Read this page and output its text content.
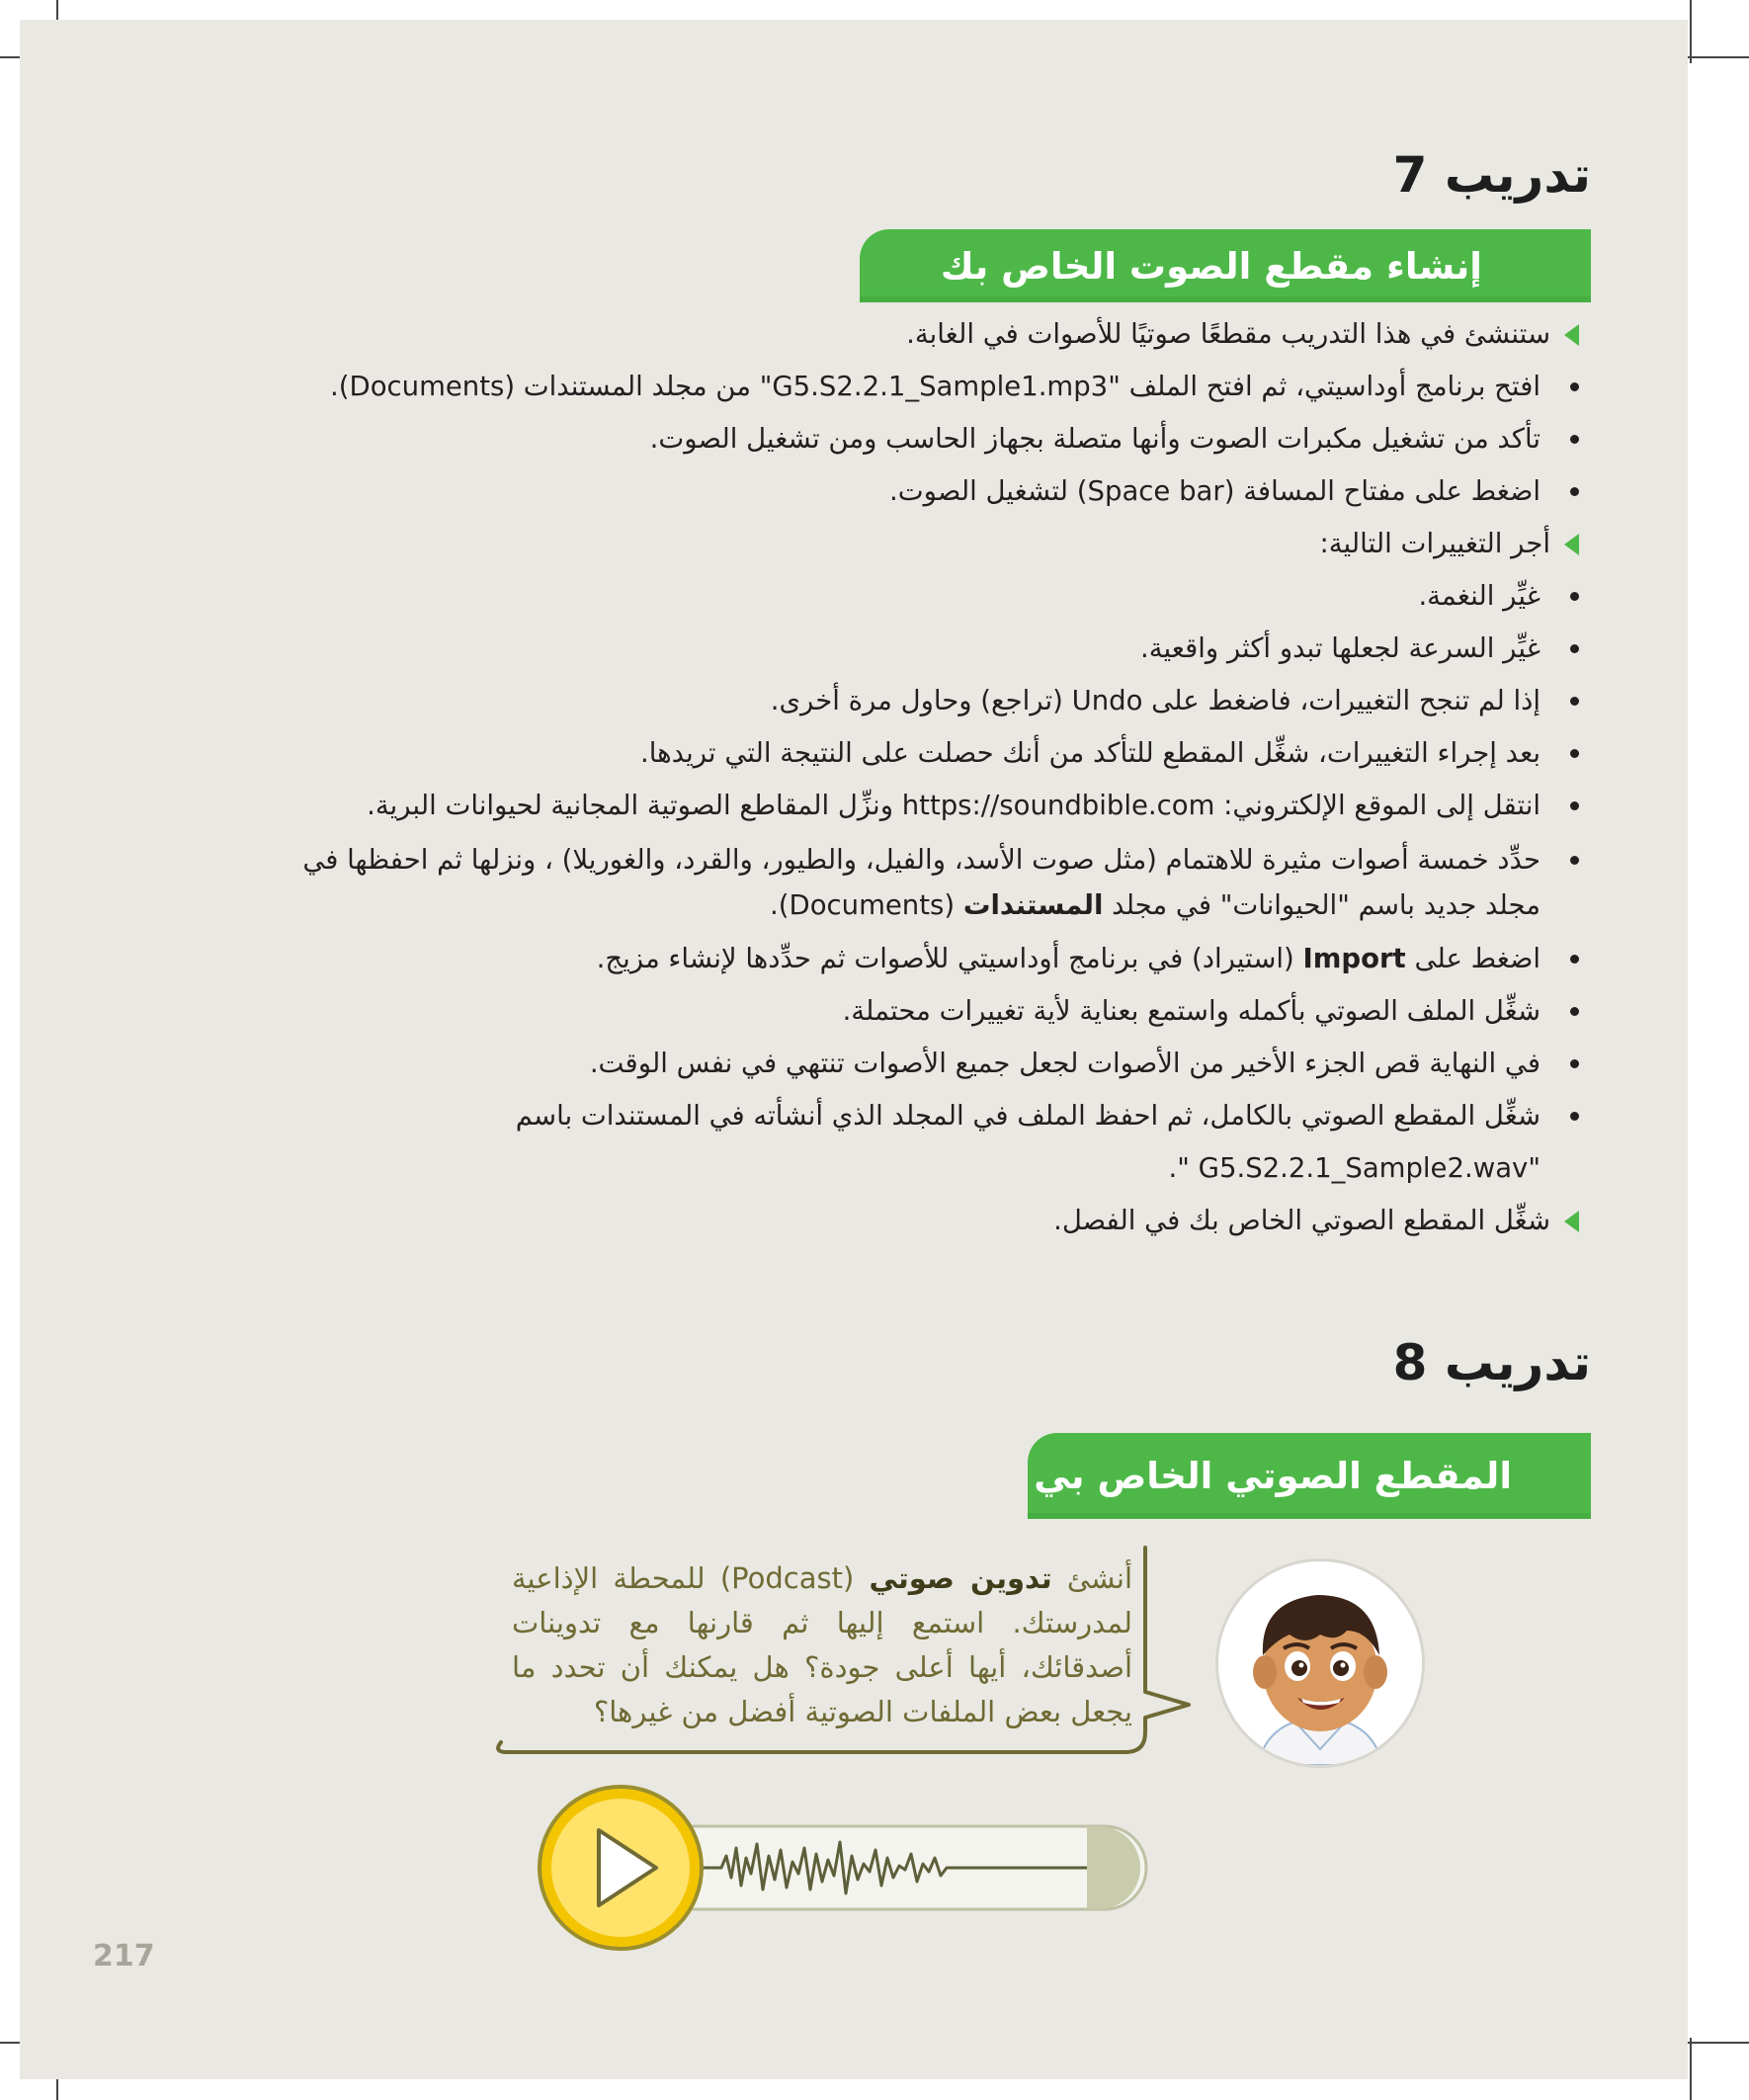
تدريب 7
إنشاء مقطع الصوت الخاص بك
ستنشئ في هذا التدريب مقطعًا صوتيًا للأصوات في الغابة.
افتح برنامج أوداسيتي، ثم افتح الملف "G5.S2.2.1_Sample1.mp3" من مجلد المستندات (Documents).
تأكد من تشغيل مكبرات الصوت وأنها متصلة بجهاز الحاسب ومن تشغيل الصوت.
اضغط على مفتاح المسافة (Space bar) لتشغيل الصوت.
أجر التغييرات التالية:
غيِّر النغمة.
غيِّر السرعة لجعلها تبدو أكثر واقعية.
إذا لم تنجح التغييرات، فاضغط على Undo (تراجع) وحاول مرة أخرى.
بعد إجراء التغييرات، شغِّل المقطع للتأكد من أنك حصلت على النتيجة التي تريدها.
انتقل إلى الموقع الإلكتروني: https://soundbible.com ونزِّل المقاطع الصوتية المجانية لحيوانات البرية.
حدِّد خمسة أصوات مثيرة للاهتمام (مثل صوت الأسد، والفيل، والطيور، والقرد، والغوريلا) ، ونزلها ثم احفظها في
مجلد جديد باسم "الحيوانات" في مجلد المستندات (Documents).
اضغط على Import (استيراد) في برنامج أوداسيتي للأصوات ثم حدِّدها لإنشاء مزيج.
شغِّل الملف الصوتي بأكمله واستمع بعناية لأية تغييرات محتملة.
في النهاية قص الجزء الأخير من الأصوات لجعل جميع الأصوات تنتهي في نفس الوقت.
شغِّل المقطع الصوتي بالكامل، ثم احفظ الملف في المجلد الذي أنشأته في المستندات باسم
"G5.S2.2.1_Sample2.wav ".
شغِّل المقطع الصوتي الخاص بك في الفصل.
تدريب 8
المقطع الصوتي الخاص بي
أنشئ تدوين صوتي (Podcast) للمحطة الإذاعية لمدرستك. استمع إليها ثم قارنها مع تدوينات أصدقائك، أيها أعلى جودة؟ هل يمكنك أن تحدد ما يجعل بعض الملفات الصوتية أفضل من غيرها؟
217
